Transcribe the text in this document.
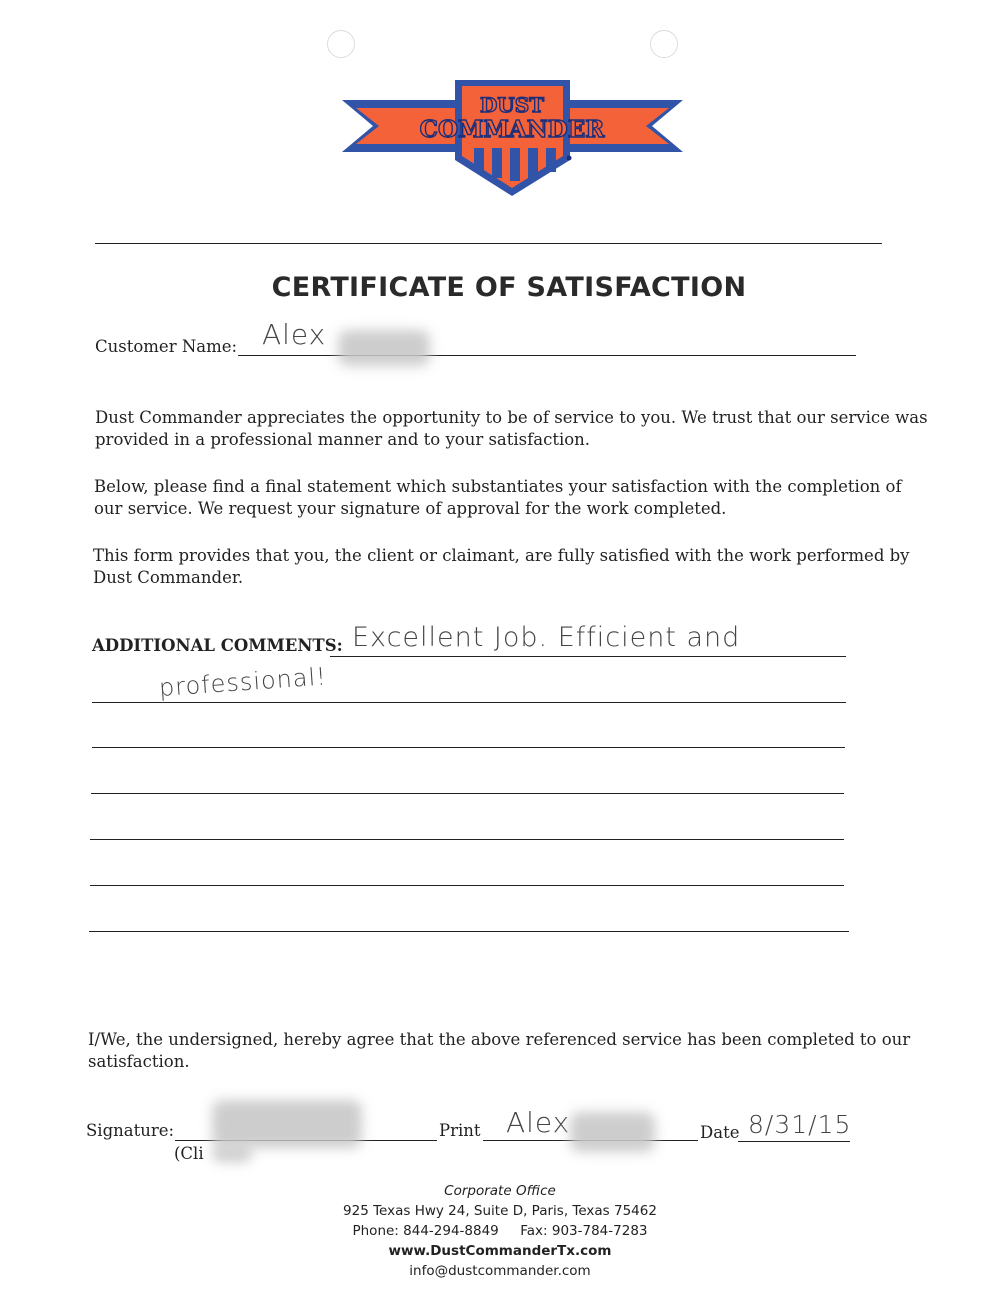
DUST
COMMANDER
CERTIFICATE OF SATISFACTION
Customer Name: Alex
Dust Commander appreciates the opportunity to be of service to you. We trust that our service was provided in a professional manner and to your satisfaction.
Below, please find a final statement which substantiates your satisfaction with the completion of our service. We request your signature of approval for the work completed.
This form provides that you, the client or claimant, are fully satisfied with the work performed by Dust Commander.
ADDITIONAL COMMENTS: Excellent Job. Efficient and
professional!
I/We, the undersigned, hereby agree that the above referenced service has been completed to our satisfaction.
Signature:
(Cli
Print Alex	Date 8/31/15
Corporate Office
925 Texas Hwy 24, Suite D, Paris, Texas 75462
Phone: 844-294-8849     Fax: 903-784-7283
www.DustCommanderTx.com
info@dustcommander.com
